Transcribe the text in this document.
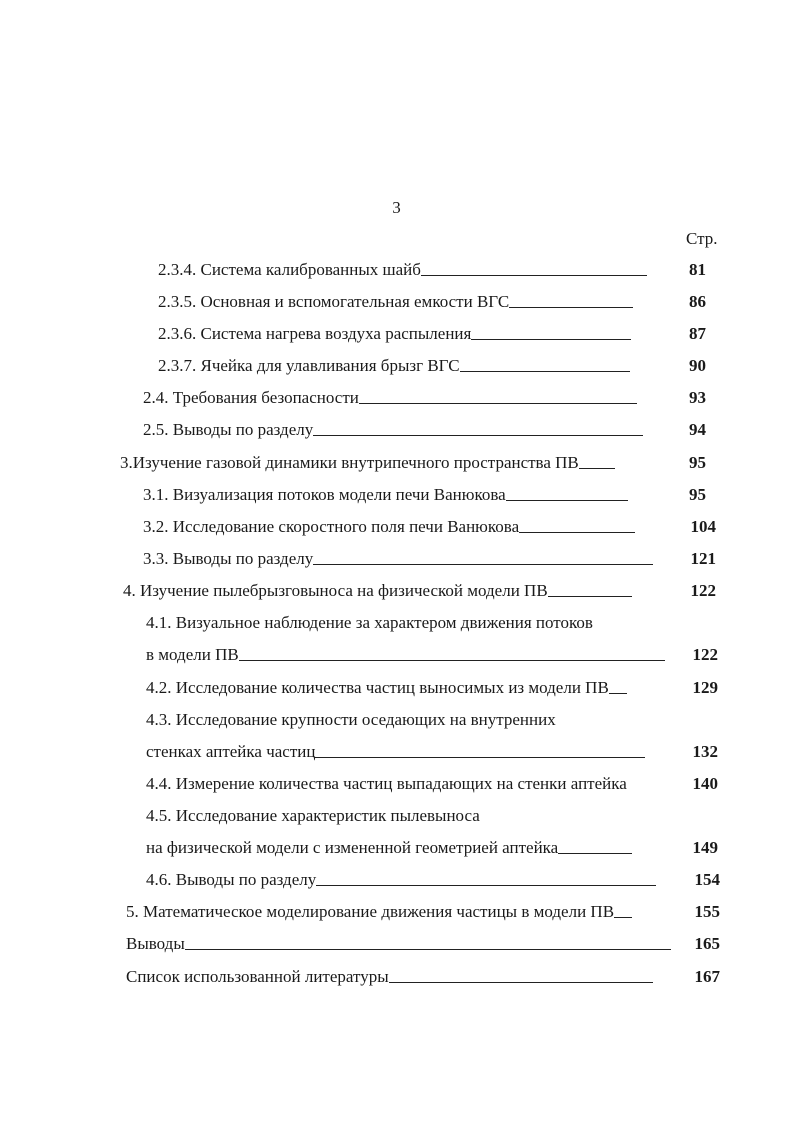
3
Стр.
2.3.4. Система калиброванных шайб	81
2.3.5. Основная и вспомогательная емкости ВГС	86
2.3.6. Система нагрева воздуха распыления	87
2.3.7. Ячейка для улавливания брызг ВГС	90
2.4. Требования безопасности	93
2.5. Выводы по разделу	94
3.Изучение газовой динамики внутрипечного пространства ПВ	95
3.1. Визуализация потоков модели печи Ванюкова	95
3.2. Исследование скоростного поля печи Ванюкова	104
3.3. Выводы по разделу	121
4. Изучение пылебрызговыноса на физической модели ПВ	122
4.1. Визуальное наблюдение за характером движения потоков
в модели ПВ	122
4.2. Исследование количества частиц выносимых из модели ПВ	129
4.3. Исследование крупности оседающих на внутренних
стенках аптейка частиц	132
4.4. Измерение количества частиц выпадающих на стенки аптейка	140
4.5. Исследование характеристик пылевыноса
на физической модели с измененной геометрией аптейка	149
4.6. Выводы по разделу	154
5. Математическое моделирование движения частицы в модели ПВ	155
Выводы	165
Список использованной литературы	167
